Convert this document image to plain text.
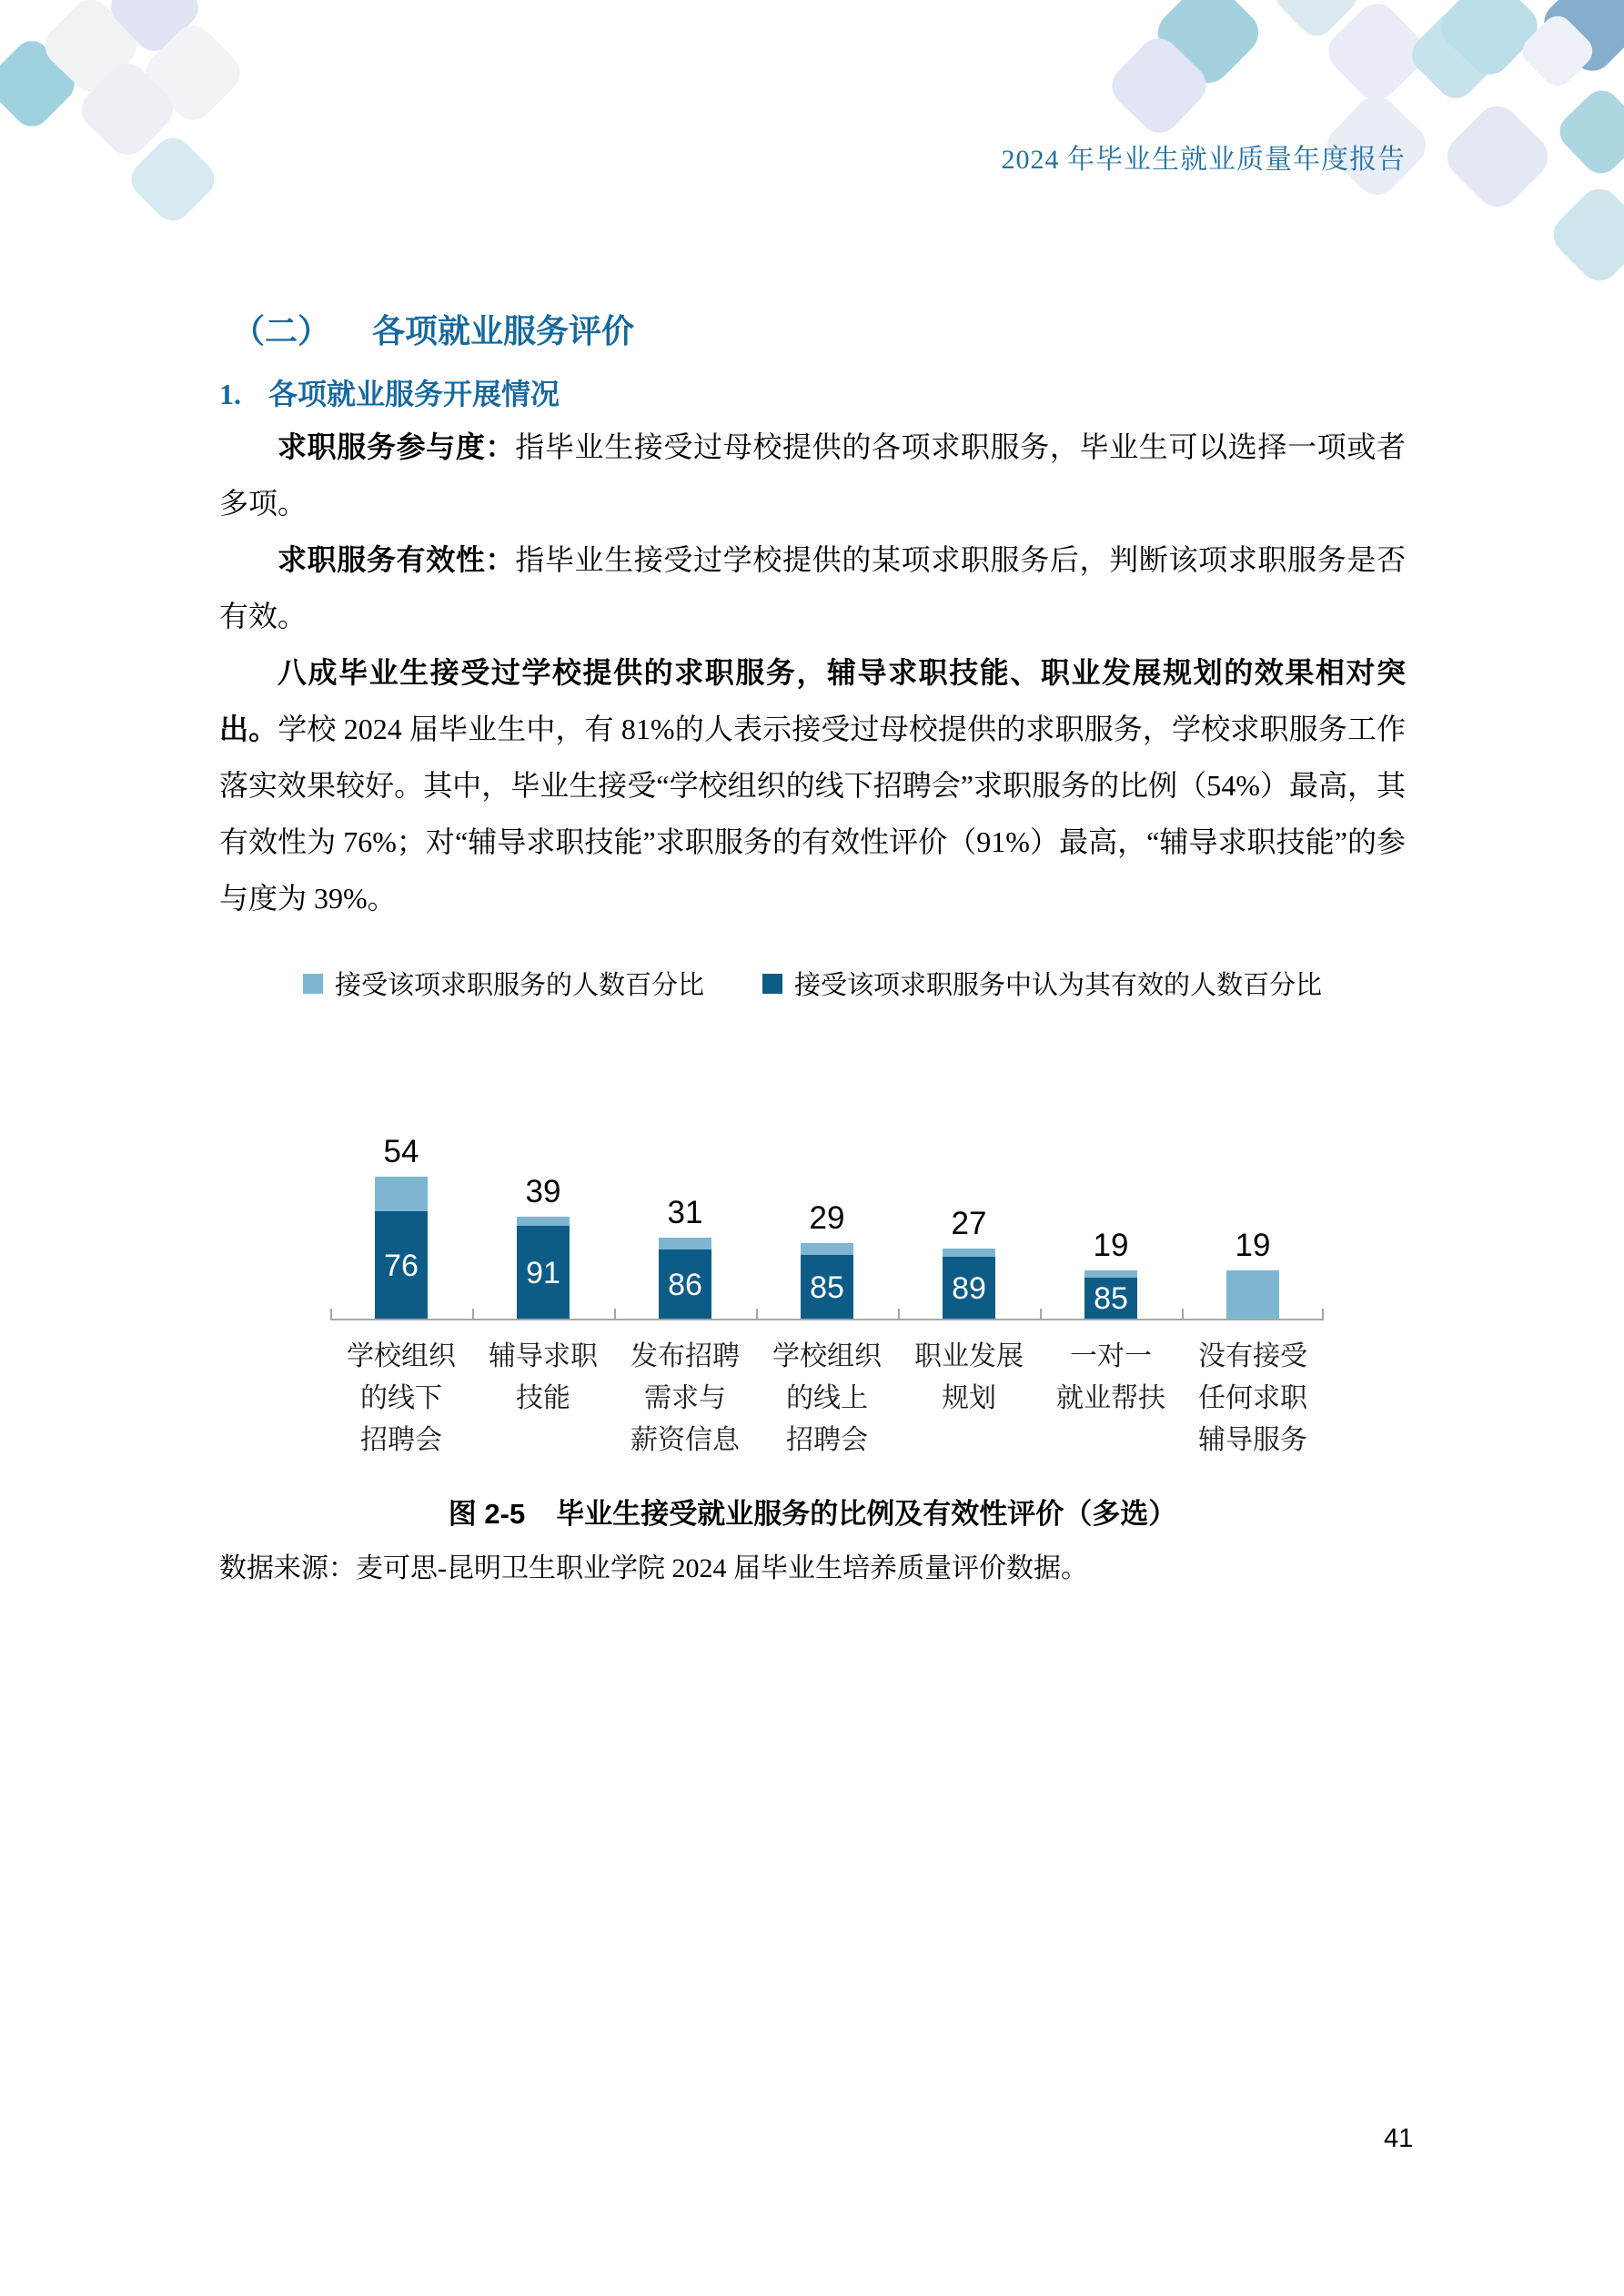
2024 年毕业生就业质量年度报告
（二） 各项就业服务评价
1. 各项就业服务开展情况

求职服务参与度：指毕业生接受过母校提供的各项求职服务，毕业生可以选择一项或者多项。

求职服务有效性：指毕业生接受过学校提供的某项求职服务后，判断该项求职服务是否有效。

八成毕业生接受过学校提供的求职服务，辅导求职技能、职业发展规划的效果相对突出。学校 2024 届毕业生中，有 81%的人表示接受过母校提供的求职服务，学校求职服务工作落实效果较好。其中，毕业生接受“学校组织的线下招聘会”求职服务的比例（54%）最高，其有效性为 76%；对“辅导求职技能”求职服务的有效性评价（91%）最高，“辅导求职技能”的参与度为 39%。

接受该项求职服务的人数百分比	接受该项求职服务中认为其有效的人数百分比
54
76
39
91
31
86
29
85
27
89
19
85
19
学校组织
的线下
招聘会
辅导求职
技能
发布招聘
需求与
薪资信息
学校组织
的线上
招聘会
职业发展
规划
一对一
就业帮扶
没有接受
任何求职
辅导服务
图 2-5 毕业生接受就业服务的比例及有效性评价（多选）
数据来源：麦可思-昆明卫生职业学院 2024 届毕业生培养质量评价数据。
41
